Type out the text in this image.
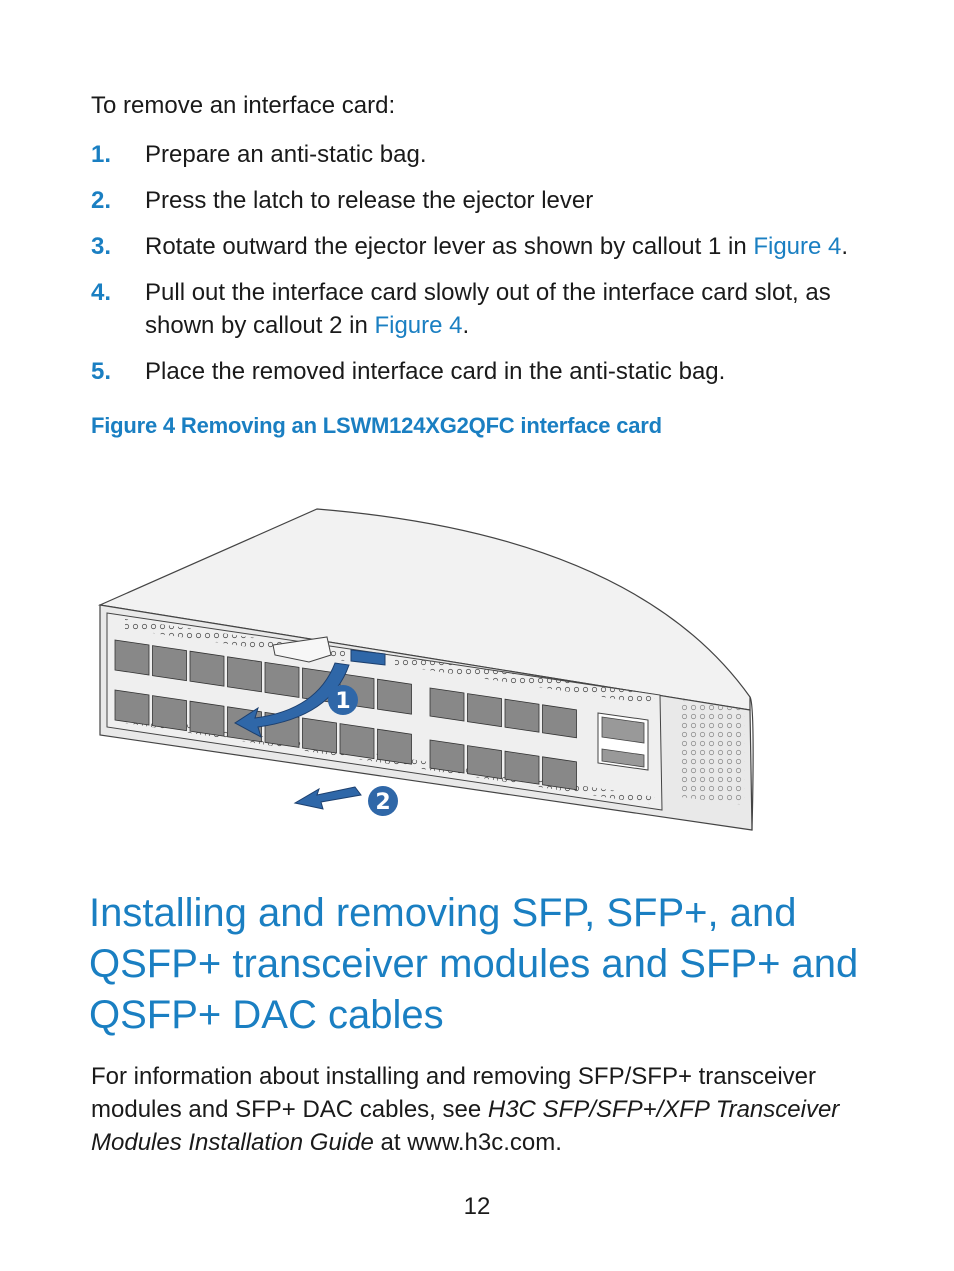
To remove an interface card:

1. Prepare an anti-static bag.
2. Press the latch to release the ejector lever
3. Rotate outward the ejector lever as shown by callout 1 in Figure 4.
4. Pull out the interface card slowly out of the interface card slot, as shown by callout 2 in Figure 4.
5. Place the removed interface card in the anti-static bag.

Figure 4 Removing an LSWM124XG2QFC interface card

1
2
Installing and removing SFP, SFP+, and QSFP+ transceiver modules and SFP+ and QSFP+ DAC cables

For information about installing and removing SFP/SFP+ transceiver modules and SFP+ DAC cables, see H3C SFP/SFP+/XFP Transceiver Modules Installation Guide at www.h3c.com.

12
